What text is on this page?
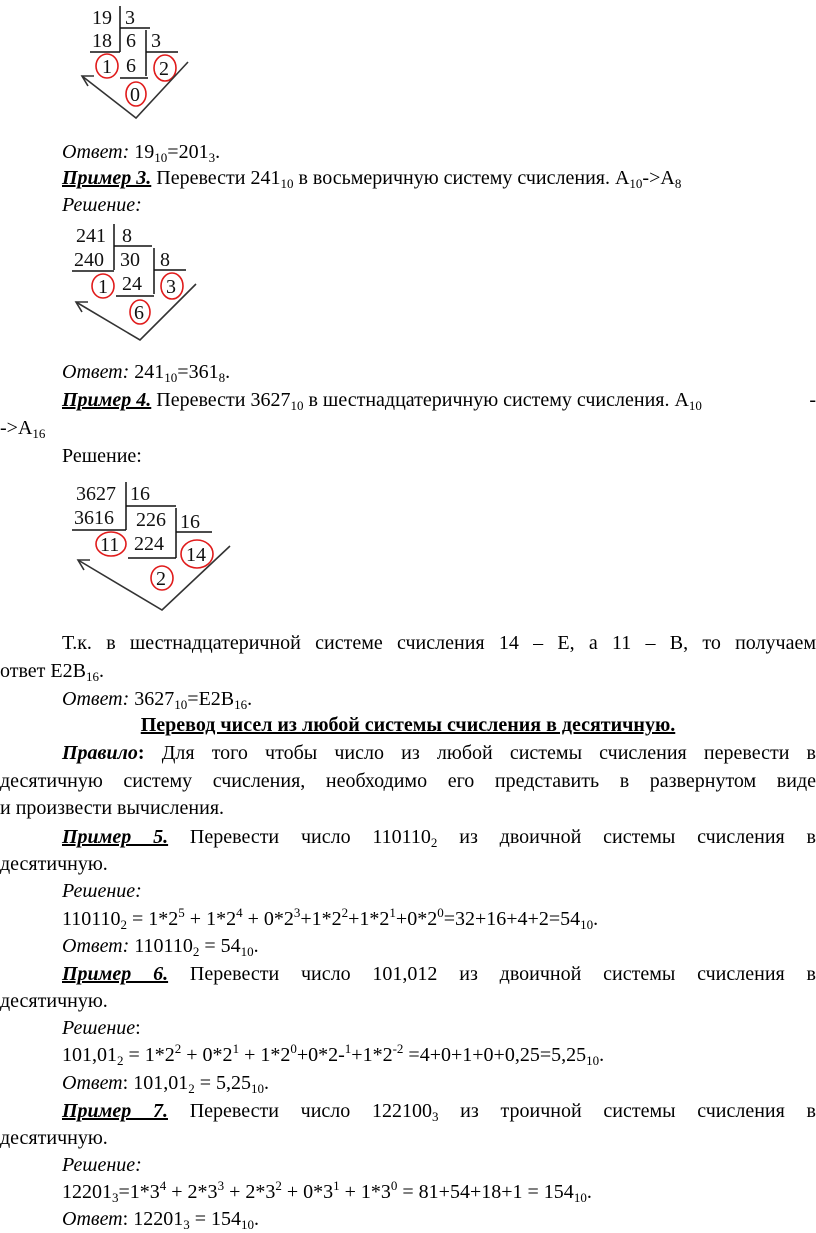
19 3
18 6 3
6
1 2
0
Ответ: $19_{10}=201_3$.
Пример 3. Перевести $241_{10}$ в восьмеричную систему счисления. $А_{10}->А_8$
Решение:
241 8
240 30 8
24
1	3
6
Ответ: $241_{10}=361_8$.
Пример 4. Перевести $3627_{10}$ в шестнадцатеричную систему счисления. $А_{10}$	-
$->А_{16}$
Решение:
3627 16
3616 226 16
224
11	14
2
Т.к. в шестнадцатеричной системе счисления 14 – Е, а 11 – В, то получаем
ответ $Е2В_{16}$.
Ответ: $3627_{10}=Е2В_{16}$.
Перевод чисел из любой системы счисления в десятичную.
Правило: Для того чтобы число из любой системы счисления перевести в
десятичную систему счисления, необходимо его представить в развернутом виде
и произвести вычисления.
Пример 5. Перевести число $110110_2$ из двоичной системы счисления в
десятичную.
Решение:
$110110_2 = 1*2^5 + 1*2^4 + 0*2^3+1*2^2+1*2^1+0*2^0=32+16+4+2=54_{10}$.
Ответ: $110110_2 = 54_{10}$.
Пример 6. Перевести число 101,012 из двоичной системы счисления в
десятичную.
Решение:
$101,01_2 = 1*2^2 + 0*2^1 + 1*2^0+0*2-^1+1*2^{-2} =4+0+1+0+0,25=5,25_{10}$.
Ответ: $101,01_2 = 5,25_{10}$.
Пример 7. Перевести число $122100_3$ из троичной системы счисления в
десятичную.
Решение:
$12201_3=1*3^4 + 2*3^3 + 2*3^2 + 0*3^1 + 1*3^0 = 81+54+18+1 = 154_{10}$.
Ответ: $12201_3 = 154_{10}$.
